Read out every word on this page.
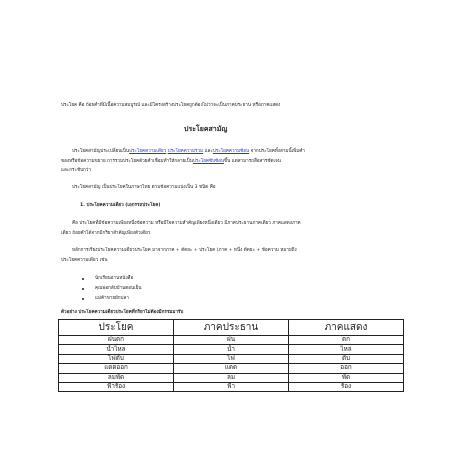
ประโยค คือ ถ้อยคำที่มีเนื้อความสมบูรณ์ และมีโครงสร้างประโยคถูกต้องไม่ว่าจะเป็นภาคประธาน หรือภาคแสดง

ประโยคสามัญ

ประโยคสามัญประเปลี่ยนเป็นประโยคความเดียว ประโยคความรวม และประโยคความซ้อน จากประโยคทั้งสามนี้เพิ่มคำ

ของหรือข้อความขยาย การรวมประโยคด้วยคำเชื่อมทำให้กลายเป็นประโยคซับซ้อนขึ้น แต่สามารถสื่อสารชัดเจน

และกระชับกว่า

ประโยคสามัญ เป็นประโยคในภาษาไทย ตามข้อความแบ่งเป็น 3 ชนิด คือ

1. ประโยคความเดียว (เอกรรถประโยค)

คือ ประโยคที่มีข้อความเพียงหนึ่งข้อความ หรือมีใจความสำคัญเพียงหนึ่งเดียว มีภาคประธานภาคเดียว ภาคแสดงภาค

เดียว ถ้อยคำได้จากมีกริยาสำคัญเพียงตัวเดียว

หลักการเรียงประโยคความเดียวประโยค มาจากภาค + ตัดยะ + ประโยค (ภาค + หนึ่ง ตัดยะ + ข้อความ หมายถึง

ประโยคความเดียว เช่น

นักเรียนอ่านหนังสือ

คุณพ่อกลับบ้านตอนเย็น

แม่ค้าขายผักปลา

ตัวอย่าง ประโยคความเดียวประโยคที่กริยาไม่ต้องมีกรรมมารับ

ประโยค	ภาคประธาน	ภาคแสดง
ฝนตก	ฝน	ตก
น้ำไหล	น้ำ	ไหล
ไฟดับ	ไฟ	ดับ
แดดออก	แดด	ออก
ลมพัด	ลม	พัด
ฟ้าร้อง	ฟ้า	ร้อง
